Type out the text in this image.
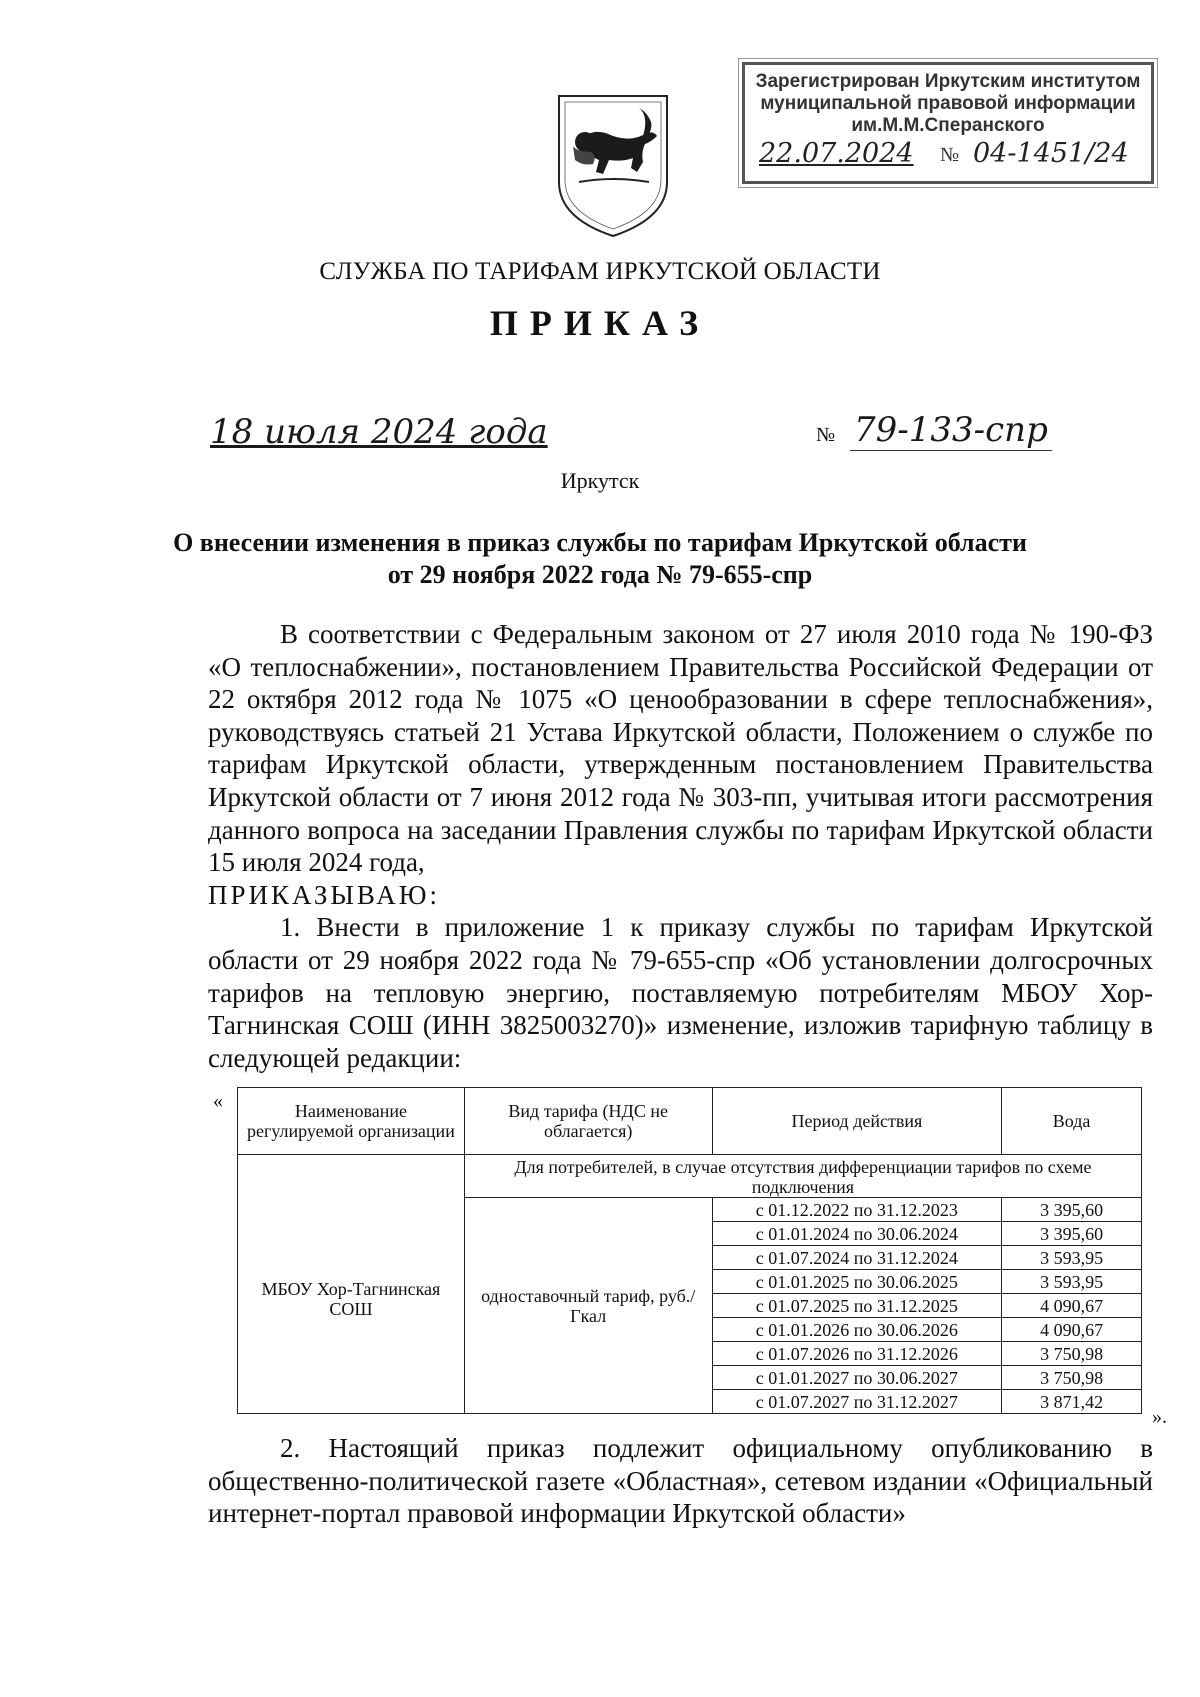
Зарегистрирован Иркутским институтом
муниципальной правовой информации
им.М.М.Сперанского
22.07.2024 № 04-1451/24
СЛУЖБА ПО ТАРИФАМ ИРКУТСКОЙ ОБЛАСТИ
ПРИКАЗ
18 июля 2024 года	№ 79-133-спр
Иркутск
О внесении изменения в приказ службы по тарифам Иркутской области
от 29 ноября 2022 года № 79-655-спр

В соответствии с Федеральным законом от 27 июля 2010 года № 190-ФЗ «О теплоснабжении», постановлением Правительства Российской Федерации от 22 октября 2012 года № 1075 «О ценообразовании в сфере теплоснабжения», руководствуясь статьей 21 Устава Иркутской области, Положением о службе по тарифам Иркутской области, утвержденным постановлением Правительства Иркутской области от 7 июня 2012 года № 303-пп, учитывая итоги рассмотрения данного вопроса на заседании Правления службы по тарифам Иркутской области 15 июля 2024 года,

ПРИКАЗЫВАЮ:

1. Внести в приложение 1 к приказу службы по тарифам Иркутской области от 29 ноября 2022 года № 79-655-спр «Об установлении долгосрочных тарифов на тепловую энергию, поставляемую потребителям МБОУ Хор-Тагнинская СОШ (ИНН 3825003270)» изменение, изложив тарифную таблицу в следующей редакции:

«	Наименование регулируемой организации	Вид тарифа (НДС не облагается)	Период действия	Вода
МБОУ Хор-Тагнинская СОШ	Для потребителей, в случае отсутствия дифференциации тарифов по схеме подключения		
	одноставочный тариф, руб./Гкал	с 01.12.2022 по 31.12.2023	3 395,60
		с 01.01.2024 по 30.06.2024	3 395,60
		с 01.07.2024 по 31.12.2024	3 593,95
		с 01.01.2025 по 30.06.2025	3 593,95
		с 01.07.2025 по 31.12.2025	4 090,67
		с 01.01.2026 по 30.06.2026	4 090,67
		с 01.07.2026 по 31.12.2026	3 750,98
		с 01.01.2027 по 30.06.2027	3 750,98
		с 01.07.2027 по 31.12.2027	3 871,42
».

2. Настоящий приказ подлежит официальному опубликованию в общественно-политической газете «Областная», сетевом издании «Официальный интернет-портал правовой информации Иркутской области»
